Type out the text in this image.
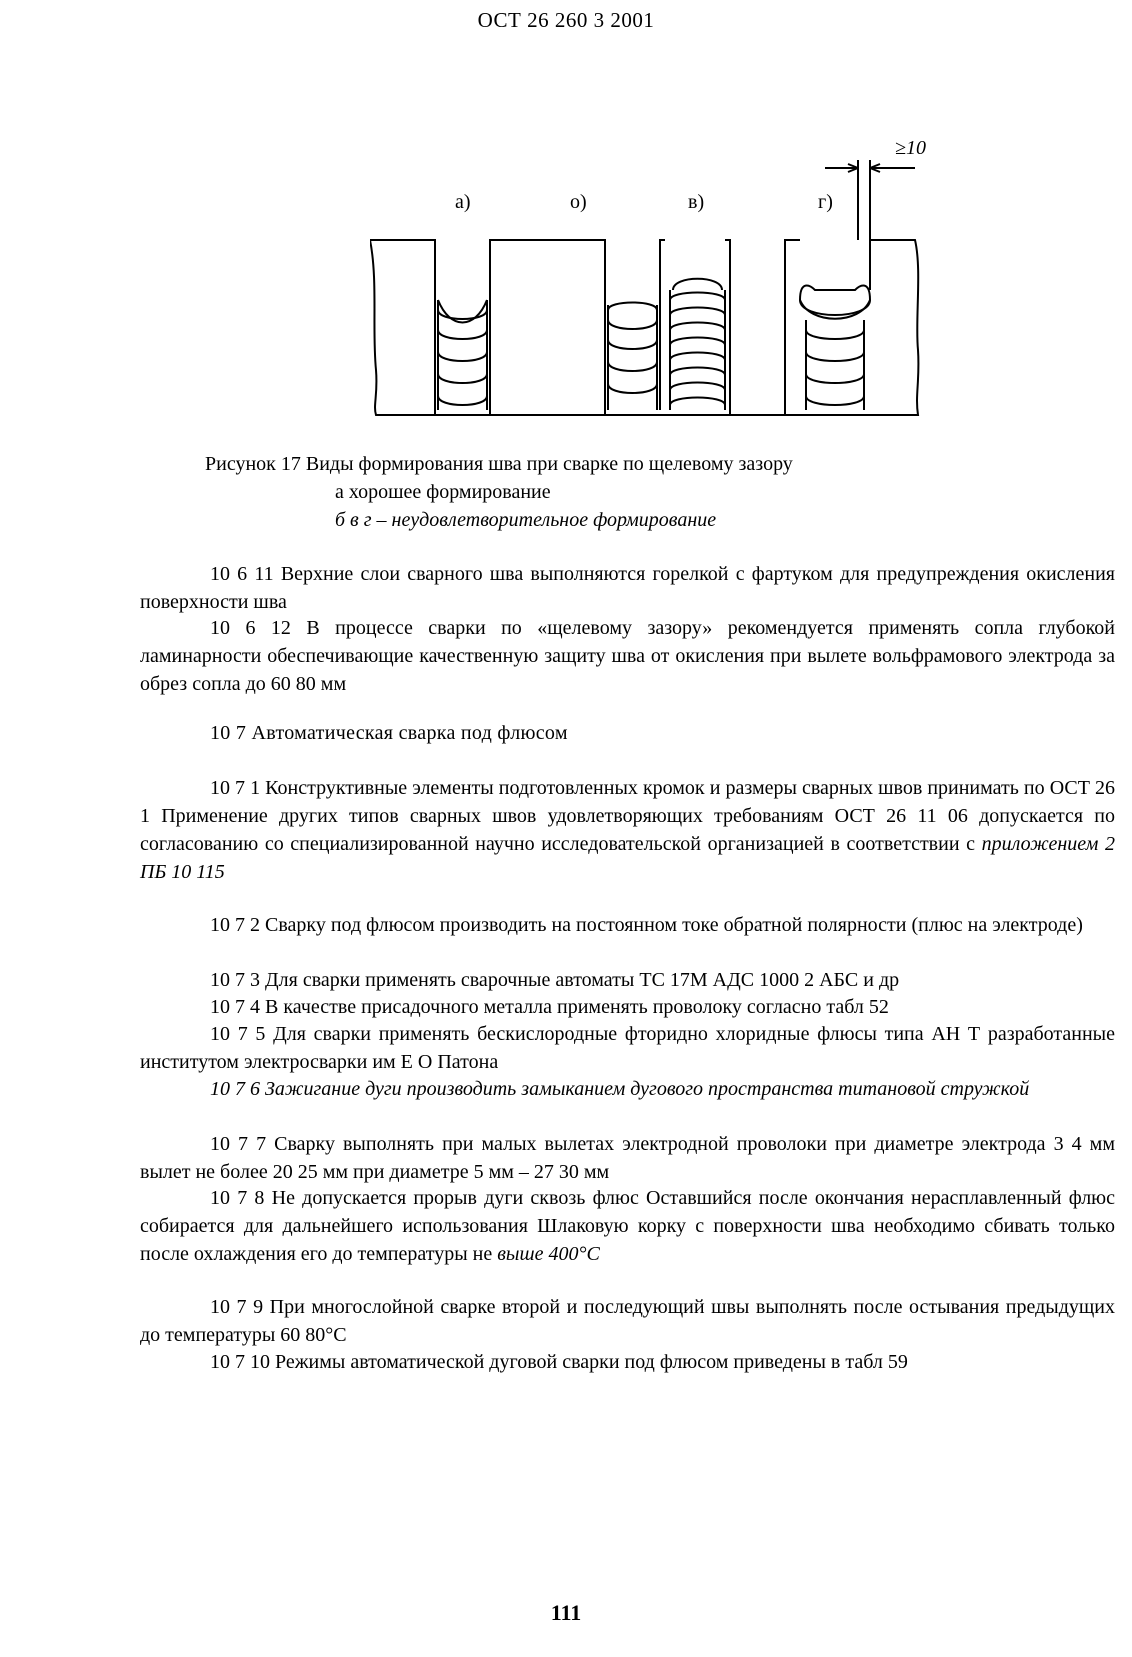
ОСТ 26 260 3 2001
≥10
а)	о)	в)	г)
Рисунок 17 Виды формирования шва при сварке по щелевому зазору
а хорошее формирование
б в г – неудовлетворительное формирование
10 6 11 Верхние слои сварного шва выполняются горелкой с фартуком для предупреждения окисления поверхности шва
10 6 12 В процессе сварки по «щелевому зазору» рекомендуется применять сопла глубокой ламинарности обеспечивающие качественную защиту шва от окисления при вылете вольфрамового электрода за обрез сопла до 60 80 мм
10 7 Автоматическая сварка под флюсом
10 7 1 Конструктивные элементы подготовленных кромок и размеры сварных швов принимать по ОСТ 26 1 Применение других типов сварных швов удовлетворяющих требованиям ОСТ 26 11 06 допускается по согласованию со специализированной научно исследовательской организацией в соответствии с приложением 2 ПБ 10 115
10 7 2 Сварку под флюсом производить на постоянном токе обратной полярности (плюс на электроде)
10 7 3 Для сварки применять сварочные автоматы ТС 17М АДС 1000 2 АБС и др
10 7 4 В качестве присадочного металла применять проволоку согласно табл 52
10 7 5 Для сварки применять бескислородные фторидно хлоридные флюсы типа АН Т разработанные институтом электросварки им Е О Патона
10 7 6 Зажигание дуги производить замыканием дугового пространства титановой стружкой
10 7 7 Сварку выполнять при малых вылетах электродной проволоки при диаметре электрода 3 4 мм вылет не более 20 25 мм при диаметре 5 мм – 27 30 мм
10 7 8 Не допускается прорыв дуги сквозь флюс Оставшийся после окончания нерасплавленный флюс собирается для дальнейшего использования Шлаковую корку с поверхности шва необходимо сбивать только после охлаждения его до температуры не выше 400°С
10 7 9 При многослойной сварке второй и последующий швы выполнять после остывания предыдущих до температуры 60 80°С
10 7 10 Режимы автоматической дуговой сварки под флюсом приведены в табл 59
111
